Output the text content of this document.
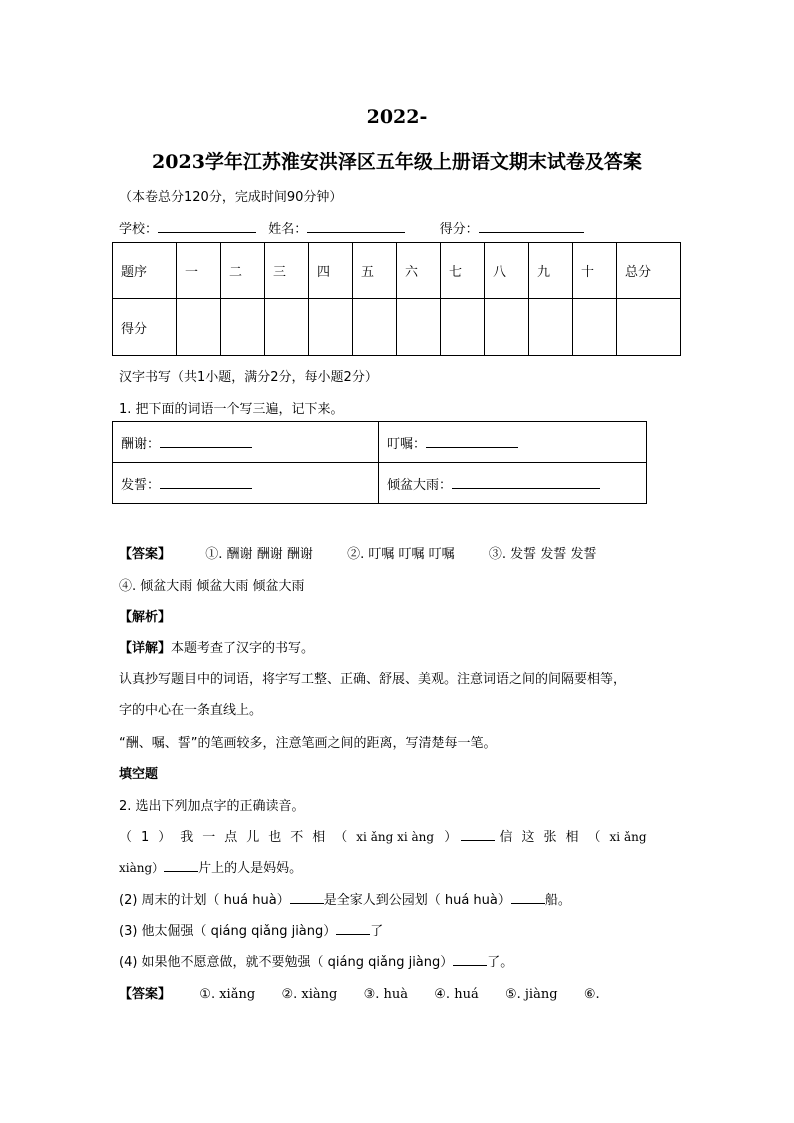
2022-
2023学年江苏淮安洪泽区五年级上册语文期末试卷及答案
（本卷总分120分，完成时间90分钟）
学校：	姓名：	得分：
题序	一	二	三	四	五	六	七	八	九	十	总分
得分											
汉字书写（共1小题，满分2分，每小题2分）
1. 把下面的词语一个写三遍，记下来。
酬谢：	叮嘱：
发誓：	倾盆大雨：
【答案】	①. 酬谢 酬谢 酬谢	②. 叮嘱 叮嘱 叮嘱	③. 发誓 发誓 发誓
④. 倾盆大雨 倾盆大雨 倾盆大雨
【解析】
【详解】本题考查了汉字的书写。
认真抄写题目中的词语，将字写工整、正确、舒展、美观。注意词语之间的间隔要相等，
字的中心在一条直线上。
“酬、嘱、誓”的笔画较多，注意笔画之间的距离，写清楚每一笔。
填空题
2. 选出下列加点字的正确读音。
（1）我一点儿也不相（xi ǎng xi àng ）	信这张相（xi ǎng
xiàng）	片上的人是妈妈。
(2) 周末的计划（ huá huà）	是全家人到公园划（ huá huà）	船。
(3) 他太倔强（ qiáng qiǎng jiàng）	了
(4) 如果他不愿意做，就不要勉强（ qiáng qiǎng jiàng）	了。
【答案】 ①. xiǎng ②. xiàng ③. huà ④. huá ⑤. jiàng ⑥.
